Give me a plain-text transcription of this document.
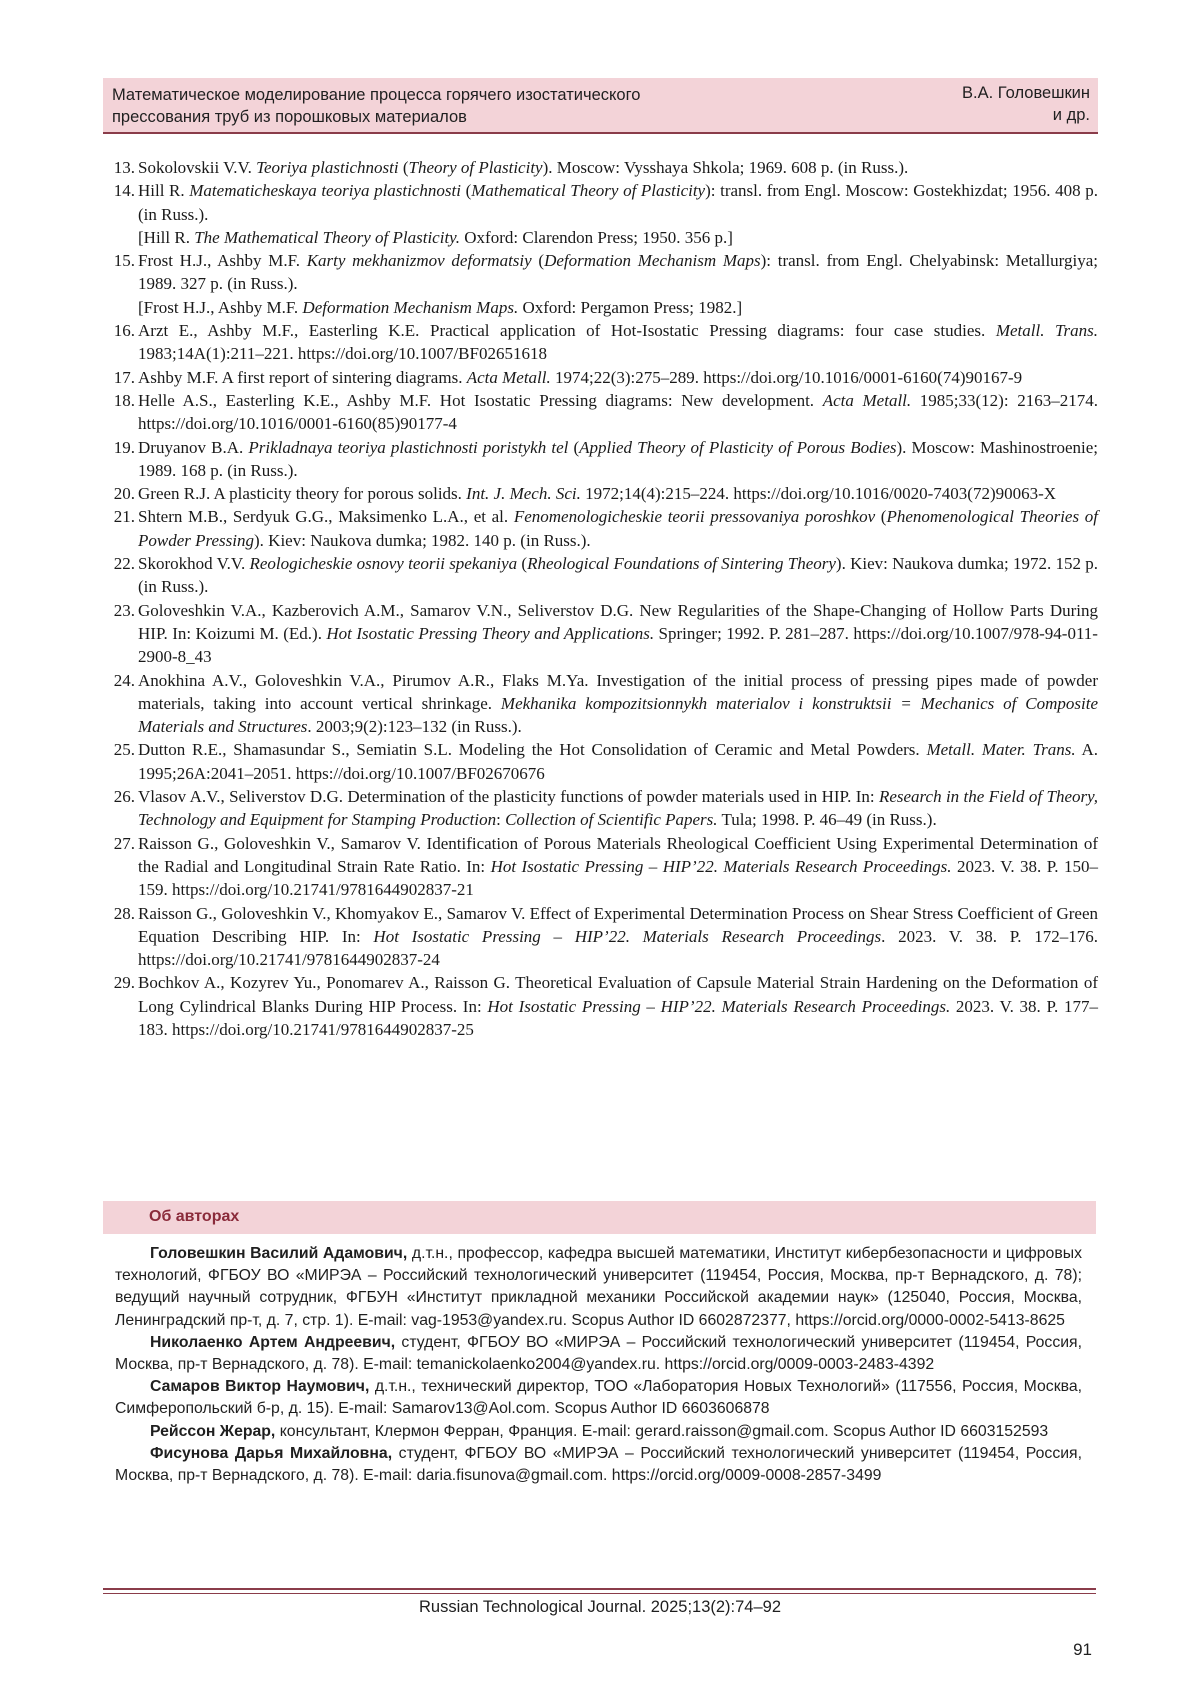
Математическое моделирование процесса горячего изостатического
прессования труб из порошковых материалов
В.А. Головешкин
и др.
13. Sokolovskii V.V. Teoriya plastichnosti (Theory of Plasticity). Moscow: Vysshaya Shkola; 1969. 608 p. (in Russ.).
14. Hill R. Matematicheskaya teoriya plastichnosti (Mathematical Theory of Plasticity): transl. from Engl. Moscow: Gostekhizdat; 1956. 408 p. (in Russ.).
[Hill R. The Mathematical Theory of Plasticity. Oxford: Clarendon Press; 1950. 356 p.]
15. Frost H.J., Ashby M.F. Karty mekhanizmov deformatsiy (Deformation Mechanism Maps): transl. from Engl. Chelyabinsk: Metallurgiya; 1989. 327 p. (in Russ.).
[Frost H.J., Ashby M.F. Deformation Mechanism Maps. Oxford: Pergamon Press; 1982.]
16. Arzt E., Ashby M.F., Easterling K.E. Practical application of Hot-Isostatic Pressing diagrams: four case studies. Metall. Trans. 1983;14A(1):211–221. https://doi.org/10.1007/BF02651618
17. Ashby M.F. A first report of sintering diagrams. Acta Metall. 1974;22(3):275–289. https://doi.org/10.1016/0001-6160(74)90167-9
18. Helle A.S., Easterling K.E., Ashby M.F. Hot Isostatic Pressing diagrams: New development. Acta Metall. 1985;33(12): 2163–2174. https://doi.org/10.1016/0001-6160(85)90177-4
19. Druyanov B.A. Prikladnaya teoriya plastichnosti poristykh tel (Applied Theory of Plasticity of Porous Bodies). Moscow: Mashinostroenie; 1989. 168 p. (in Russ.).
20. Green R.J. A plasticity theory for porous solids. Int. J. Mech. Sci. 1972;14(4):215–224. https://doi.org/10.1016/0020-7403(72)90063-X
21. Shtern M.B., Serdyuk G.G., Maksimenko L.A., et al. Fenomenologicheskie teorii pressovaniya poroshkov (Phenomenological Theories of Powder Pressing). Kiev: Naukova dumka; 1982. 140 p. (in Russ.).
22. Skorokhod V.V. Reologicheskie osnovy teorii spekaniya (Rheological Foundations of Sintering Theory). Kiev: Naukova dumka; 1972. 152 p. (in Russ.).
23. Goloveshkin V.A., Kazberovich A.M., Samarov V.N., Seliverstov D.G. New Regularities of the Shape-Changing of Hollow Parts During HIP. In: Koizumi M. (Ed.). Hot Isostatic Pressing Theory and Applications. Springer; 1992. P. 281–287. https://doi.org/10.1007/978-94-011-2900-8_43
24. Anokhina A.V., Goloveshkin V.A., Pirumov A.R., Flaks M.Ya. Investigation of the initial process of pressing pipes made of powder materials, taking into account vertical shrinkage. Mekhanika kompozitsionnykh materialov i konstruktsii = Mechanics of Composite Materials and Structures. 2003;9(2):123–132 (in Russ.).
25. Dutton R.E., Shamasundar S., Semiatin S.L. Modeling the Hot Consolidation of Ceramic and Metal Powders. Metall. Mater. Trans. A. 1995;26A:2041–2051. https://doi.org/10.1007/BF02670676
26. Vlasov A.V., Seliverstov D.G. Determination of the plasticity functions of powder materials used in HIP. In: Research in the Field of Theory, Technology and Equipment for Stamping Production: Collection of Scientific Papers. Tula; 1998. P. 46–49 (in Russ.).
27. Raisson G., Goloveshkin V., Samarov V. Identification of Porous Materials Rheological Coefficient Using Experimental Determination of the Radial and Longitudinal Strain Rate Ratio. In: Hot Isostatic Pressing – HIP’22. Materials Research Proceedings. 2023. V. 38. P. 150–159. https://doi.org/10.21741/9781644902837-21
28. Raisson G., Goloveshkin V., Khomyakov E., Samarov V. Effect of Experimental Determination Process on Shear Stress Coefficient of Green Equation Describing HIP. In: Hot Isostatic Pressing – HIP’22. Materials Research Proceedings. 2023. V. 38. P. 172–176. https://doi.org/10.21741/9781644902837-24
29. Bochkov A., Kozyrev Yu., Ponomarev A., Raisson G. Theoretical Evaluation of Capsule Material Strain Hardening on the Deformation of Long Cylindrical Blanks During HIP Process. In: Hot Isostatic Pressing – HIP’22. Materials Research Proceedings. 2023. V. 38. P. 177–183. https://doi.org/10.21741/9781644902837-25
Об авторах

Головешкин Василий Адамович, д.т.н., профессор, кафедра высшей математики, Институт кибербезопасности и цифровых технологий, ФГБОУ ВО «МИРЭА – Российский технологический университет (119454, Россия, Москва, пр-т Вернадского, д. 78); ведущий научный сотрудник, ФГБУН «Институт прикладной механики Российской академии наук» (125040, Россия, Москва, Ленинградский пр-т, д. 7, стр. 1). E-mail: vag-1953@yandex.ru. Scopus Author ID 6602872377, https://orcid.org/0000-0002-5413-8625

Николаенко Артем Андреевич, студент, ФГБОУ ВО «МИРЭА – Российский технологический университет (119454, Россия, Москва, пр-т Вернадского, д. 78). E-mail: temanickolaenko2004@yandex.ru. https://orcid.org/0009-0003-2483-4392

Самаров Виктор Наумович, д.т.н., технический директор, ТОО «Лаборатория Новых Технологий» (117556, Россия, Москва, Симферопольский б-р, д. 15). E-mail: Samarov13@Aol.com. Scopus Author ID 6603606878

Рейссон Жерар, консультант, Клермон Ферран, Франция. E-mail: gerard.raisson@gmail.com. Scopus Author ID 6603152593

Фисунова Дарья Михайловна, студент, ФГБОУ ВО «МИРЭА – Российский технологический университет (119454, Россия, Москва, пр-т Вернадского, д. 78). E-mail: daria.fisunova@gmail.com. https://orcid.org/0009-0008-2857-3499

Russian Technological Journal. 2025;13(2):74–92
91
